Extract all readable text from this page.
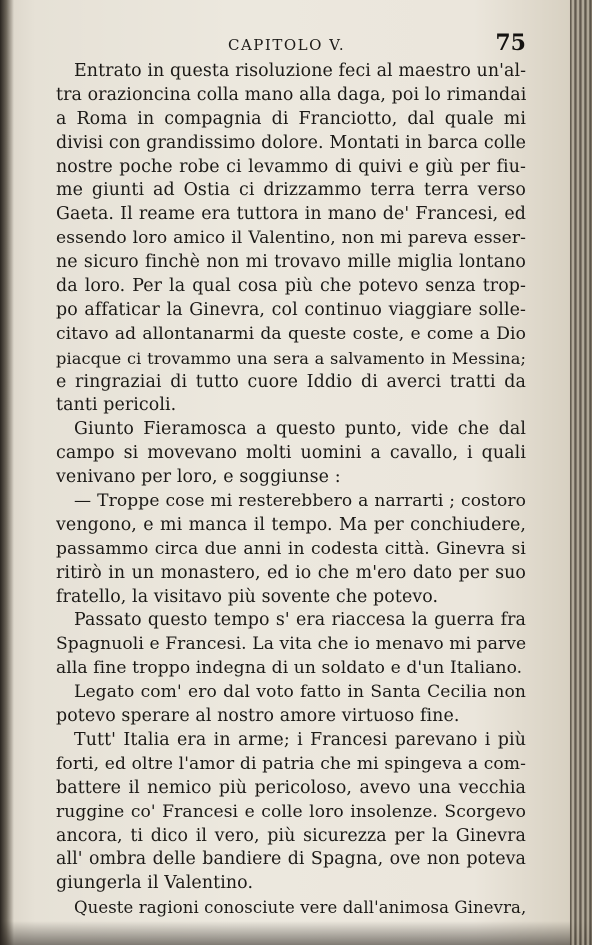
CAPITOLO V.	75
Entrato in questa risoluzione feci al maestro un'al-
tra orazioncina colla mano alla daga, poi lo rimandai
a Roma in compagnia di Franciotto, dal quale mi
divisi con grandissimo dolore. Montati in barca colle
nostre poche robe ci levammo di quivi e giù per fiu-
me giunti ad Ostia ci drizzammo terra terra verso
Gaeta. Il reame era tuttora in mano de' Francesi, ed
essendo loro amico il Valentino, non mi pareva esser-
ne sicuro finchè non mi trovavo mille miglia lontano
da loro. Per la qual cosa più che potevo senza trop-
po affaticar la Ginevra, col continuo viaggiare solle-
citavo ad allontanarmi da queste coste, e come a Dio
piacque ci trovammo una sera a salvamento in Messina;
e ringraziai di tutto cuore Iddio di averci tratti da
tanti pericoli.
Giunto Fieramosca a questo punto, vide che dal
campo si movevano molti uomini a cavallo, i quali
venivano per loro, e soggiunse :
— Troppe cose mi resterebbero a narrarti ; costoro
vengono, e mi manca il tempo. Ma per conchiudere,
passammo circa due anni in codesta città. Ginevra si
ritirò in un monastero, ed io che m'ero dato per suo
fratello, la visitavo più sovente che potevo.
Passato questo tempo s' era riaccesa la guerra fra
Spagnuoli e Francesi. La vita che io menavo mi parve
alla fine troppo indegna di un soldato e d'un Italiano.
Legato com' ero dal voto fatto in Santa Cecilia non
potevo sperare al nostro amore virtuoso fine.
Tutt' Italia era in arme; i Francesi parevano i più
forti, ed oltre l'amor di patria che mi spingeva a com-
battere il nemico più pericoloso, avevo una vecchia
ruggine co' Francesi e colle loro insolenze. Scorgevo
ancora, ti dico il vero, più sicurezza per la Ginevra
all' ombra delle bandiere di Spagna, ove non poteva
giungerla il Valentino.
Queste ragioni conosciute vere dall'animosa Ginevra,
